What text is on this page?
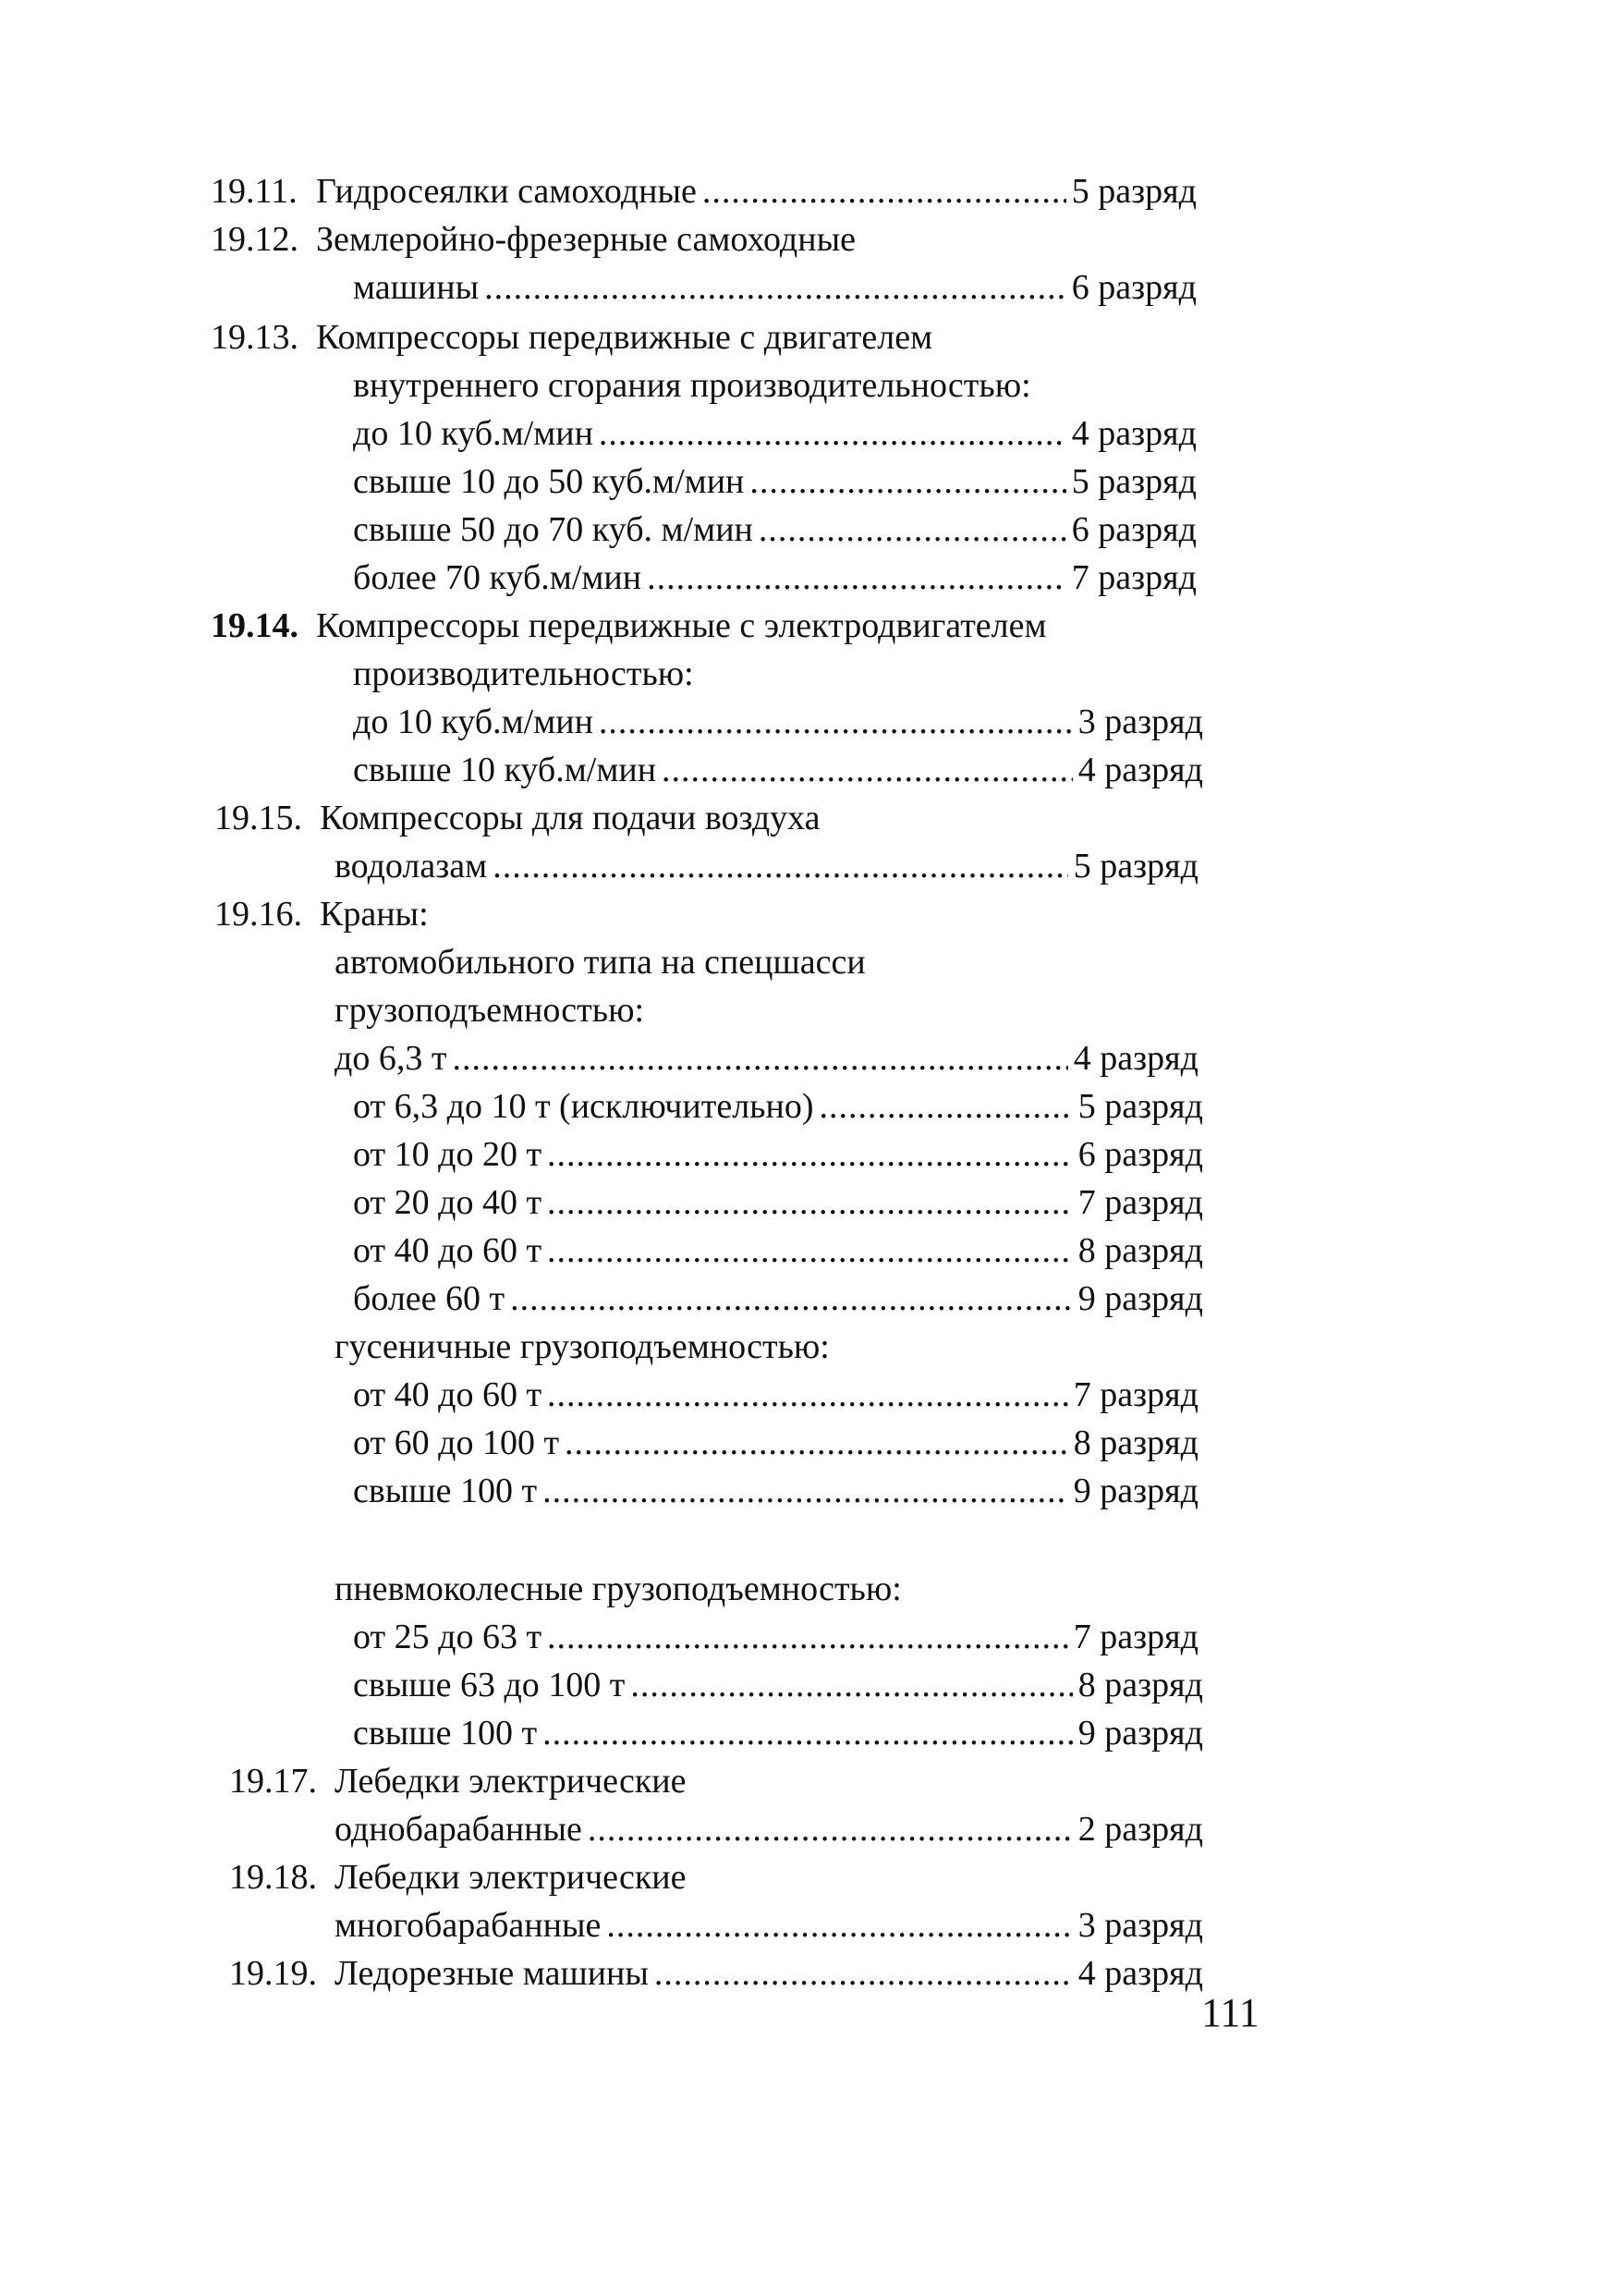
19.11. Гидросеялки самоходные .....	5 разряд
19.12. Землеройно-фрезерные самоходные
машины .....	6 разряд
19.13. Компрессоры передвижные с двигателем
внутреннего сгорания производительностью:
до 10 куб.м/мин .....	4 разряд
свыше 10 до 50 куб.м/мин .....	5 разряд
свыше 50 до 70 куб. м/мин .....	6 разряд
более 70 куб.м/мин .....	7 разряд
19.14. Компрессоры передвижные с электродвигателем
производительностью:
до 10 куб.м/мин .....	3 разряд
свыше 10 куб.м/мин .....	4 разряд
19.15. Компрессоры для подачи воздуха
водолазам .....	5 разряд
19.16. Краны:
автомобильного типа на спецшасси
грузоподъемностью:
до 6,3 т .....	4 разряд
от 6,3 до 10 т (исключительно) .....	5 разряд
от 10 до 20 т .....	6 разряд
от 20 до 40 т .....	7 разряд
от 40 до 60 т .....	8 разряд
более 60 т .....	9 разряд
гусеничные грузоподъемностью:
от 40 до 60 т .....	7 разряд
от 60 до 100 т .....	8 разряд
свыше 100 т .....	9 разряд
пневмоколесные грузоподъемностью:
от 25 до 63 т .....	7 разряд
свыше 63 до 100 т .....	8 разряд
свыше 100 т .....	9 разряд
19.17. Лебедки электрические
однобарабанные .....	2 разряд
19.18. Лебедки электрические
многобарабанные .....	3 разряд
19.19. Ледорезные машины .....	4 разряд
111
